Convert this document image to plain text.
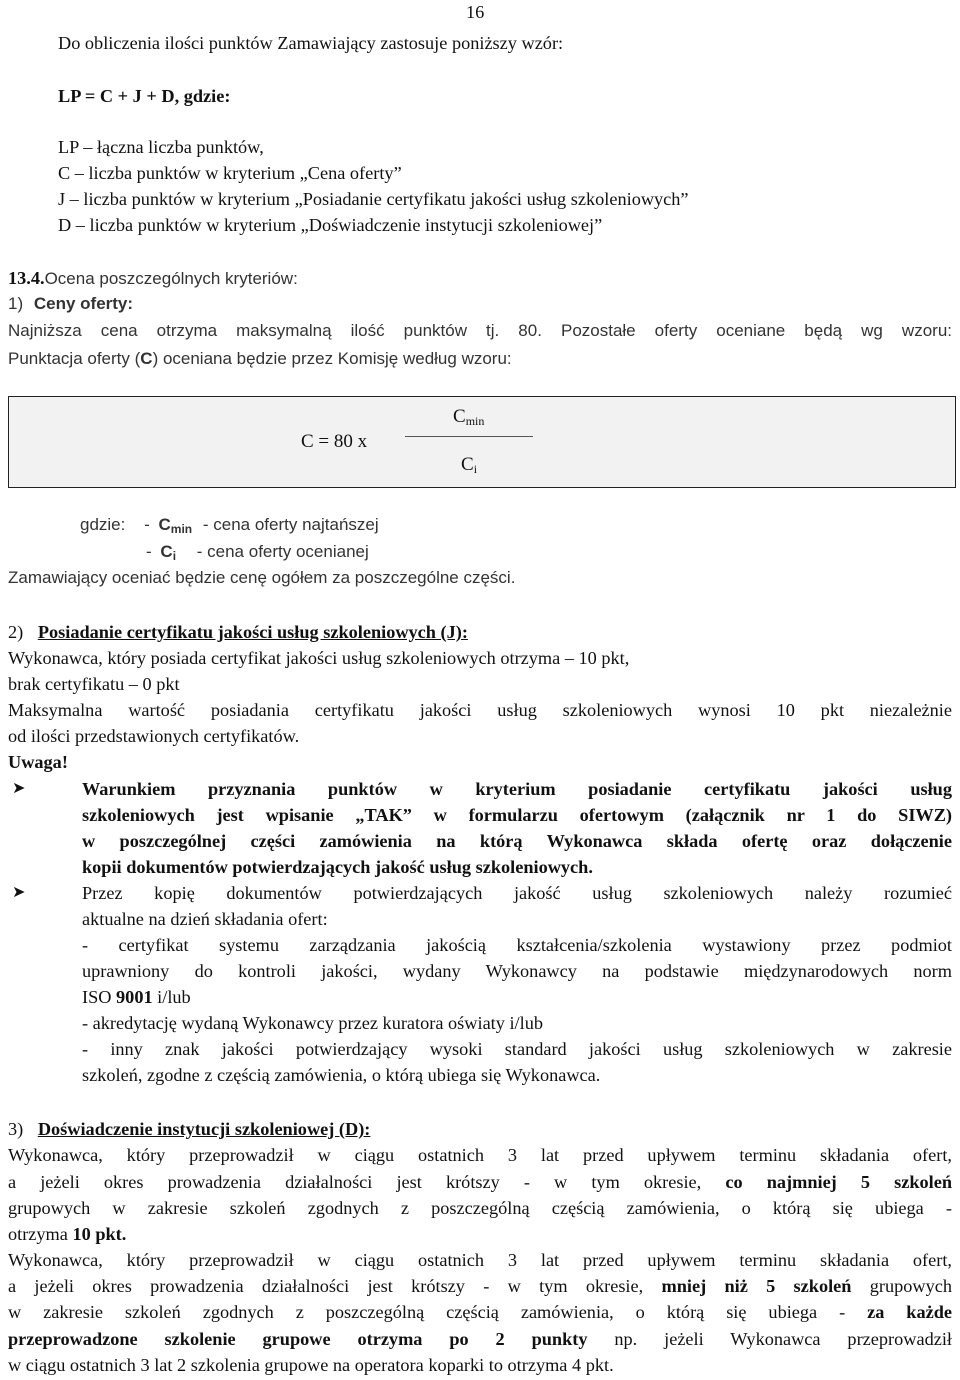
16
Do obliczenia ilości punktów Zamawiający zastosuje poniższy wzór:
LP = C + J + D, gdzie:
LP – łączna liczba punktów,
C – liczba punktów w kryterium „Cena oferty”
J – liczba punktów w kryterium „Posiadanie certyfikatu jakości usług szkoleniowych”
D – liczba punktów w kryterium „Doświadczenie instytucji szkoleniowej”
13.4.Ocena poszczególnych kryteriów:
1) Ceny oferty:
Najniższa cena otrzyma maksymalną ilość punktów tj. 80. Pozostałe oferty oceniane będą wg wzoru:
Punktacja oferty (C) oceniana będzie przez Komisję według wzoru:
C = 80 x
$C_{min}$
$C_i$
gdzie: - $C_{min}$ - cena oferty najtańszej
- $C_i$ - cena oferty ocenianej
Zamawiający oceniać będzie cenę ogółem za poszczególne części.
2) Posiadanie certyfikatu jakości usług szkoleniowych (J):
Wykonawca, który posiada certyfikat jakości usług szkoleniowych otrzyma – 10 pkt,
brak certyfikatu – 0 pkt
Maksymalna wartość posiadania certyfikatu jakości usług szkoleniowych wynosi 10 pkt niezależnie
od ilości przedstawionych certyfikatów.
Uwaga!
➤	Warunkiem przyznania punktów w kryterium posiadanie certyfikatu jakości usług
szkoleniowych jest wpisanie „TAK” w formularzu ofertowym (załącznik nr 1 do SIWZ)
w poszczególnej części zamówienia na którą Wykonawca składa ofertę oraz dołączenie
kopii dokumentów potwierdzających jakość usług szkoleniowych.
➤	Przez kopię dokumentów potwierdzających jakość usług szkoleniowych należy rozumieć
aktualne na dzień składania ofert:
- certyfikat systemu zarządzania jakością kształcenia/szkolenia wystawiony przez podmiot
uprawniony do kontroli jakości, wydany Wykonawcy na podstawie międzynarodowych norm
ISO 9001 i/lub
- akredytację wydaną Wykonawcy przez kuratora oświaty i/lub
- inny znak jakości potwierdzający wysoki standard jakości usług szkoleniowych w zakresie
szkoleń, zgodne z częścią zamówienia, o którą ubiega się Wykonawca.
3) Doświadczenie instytucji szkoleniowej (D):
Wykonawca, który przeprowadził w ciągu ostatnich 3 lat przed upływem terminu składania ofert,
a jeżeli okres prowadzenia działalności jest krótszy - w tym okresie, co najmniej 5 szkoleń
grupowych w zakresie szkoleń zgodnych z poszczególną częścią zamówienia, o którą się ubiega -
otrzyma 10 pkt.
Wykonawca, który przeprowadził w ciągu ostatnich 3 lat przed upływem terminu składania ofert,
a jeżeli okres prowadzenia działalności jest krótszy - w tym okresie, mniej niż 5 szkoleń grupowych
w zakresie szkoleń zgodnych z poszczególną częścią zamówienia, o którą się ubiega - za każde
przeprowadzone szkolenie grupowe otrzyma po 2 punkty np. jeżeli Wykonawca przeprowadził
w ciągu ostatnich 3 lat 2 szkolenia grupowe na operatora koparki to otrzyma 4 pkt.
